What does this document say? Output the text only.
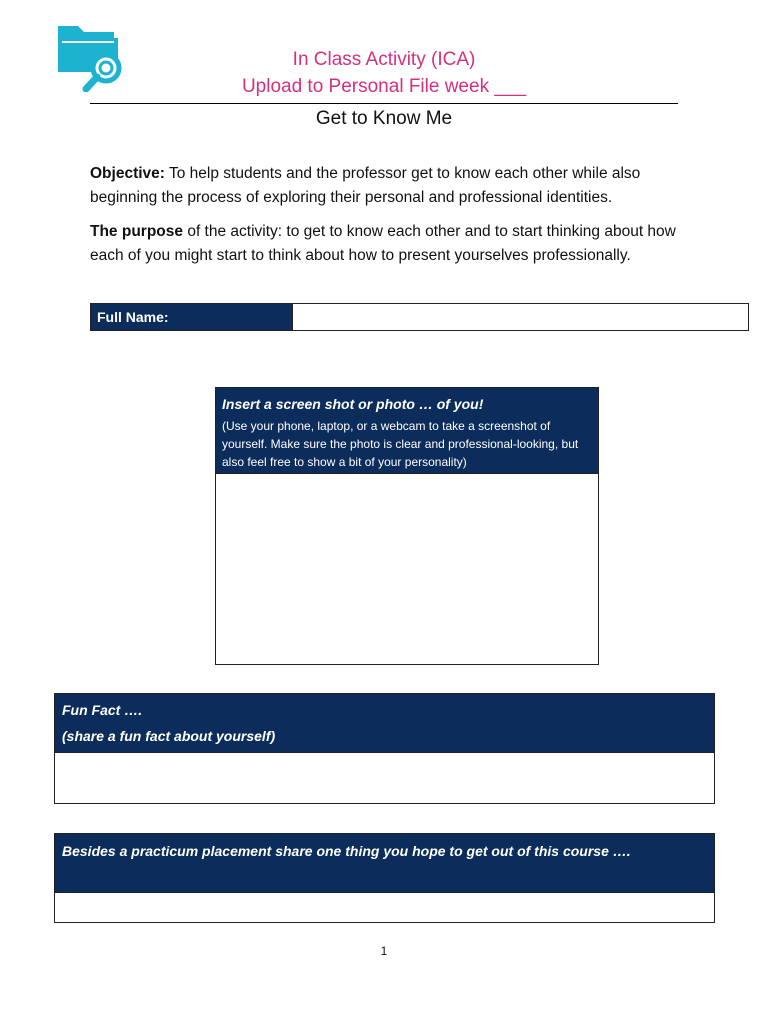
In Class Activity (ICA)
Upload to Personal File week ___
Get to Know Me
Objective: To help students and the professor get to know each other while also beginning the process of exploring their personal and professional identities.
The purpose of the activity: to get to know each other and to start thinking about how each of you might start to think about how to present yourselves professionally.
Full Name:
Insert a screen shot or photo … of you!
(Use your phone, laptop, or a webcam to take a screenshot of yourself. Make sure the photo is clear and professional-looking, but also feel free to show a bit of your personality)
Fun Fact ….
(share a fun fact about yourself)
Besides a practicum placement share one thing you hope to get out of this course ….
1
